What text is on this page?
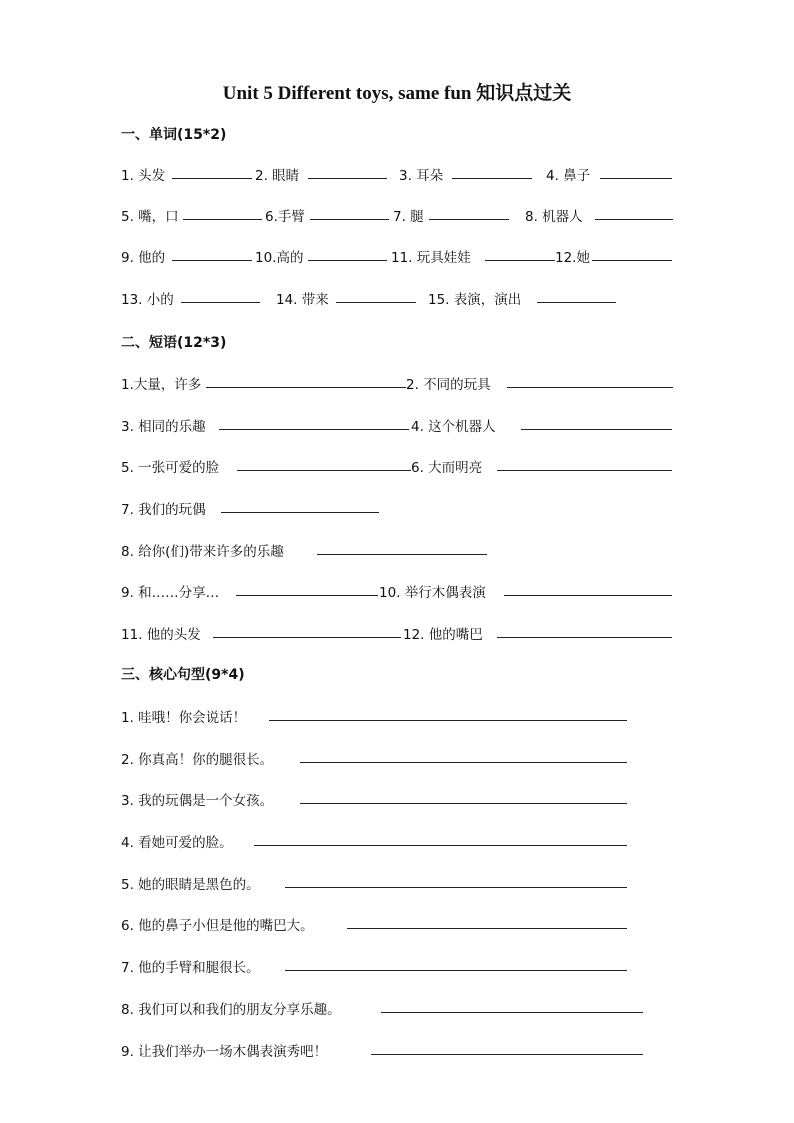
Unit 5 Different toys, same fun 知识点过关
一、单词(15*2)
1. 头发	2. 眼睛	3. 耳朵	4. 鼻子
5. 嘴，口	6.手臂	7. 腿	8. 机器人
9. 他的	10.高的	11. 玩具娃娃	12.她
13. 小的	14. 带来	15. 表演，演出
二、短语(12*3)
1.大量，许多	2. 不同的玩具
3. 相同的乐趣	4. 这个机器人
5. 一张可爱的脸	6. 大而明亮
7. 我们的玩偶
8. 给你(们)带来许多的乐趣
9. 和……分享…	10. 举行木偶表演
11. 他的头发	12. 他的嘴巴
三、核心句型(9*4)
1. 哇哦！你会说话！
2. 你真高！你的腿很长。
3. 我的玩偶是一个女孩。
4. 看她可爱的脸。
5. 她的眼睛是黑色的。
6. 他的鼻子小但是他的嘴巴大。
7. 他的手臂和腿很长。
8. 我们可以和我们的朋友分享乐趣。
9. 让我们举办一场木偶表演秀吧！
